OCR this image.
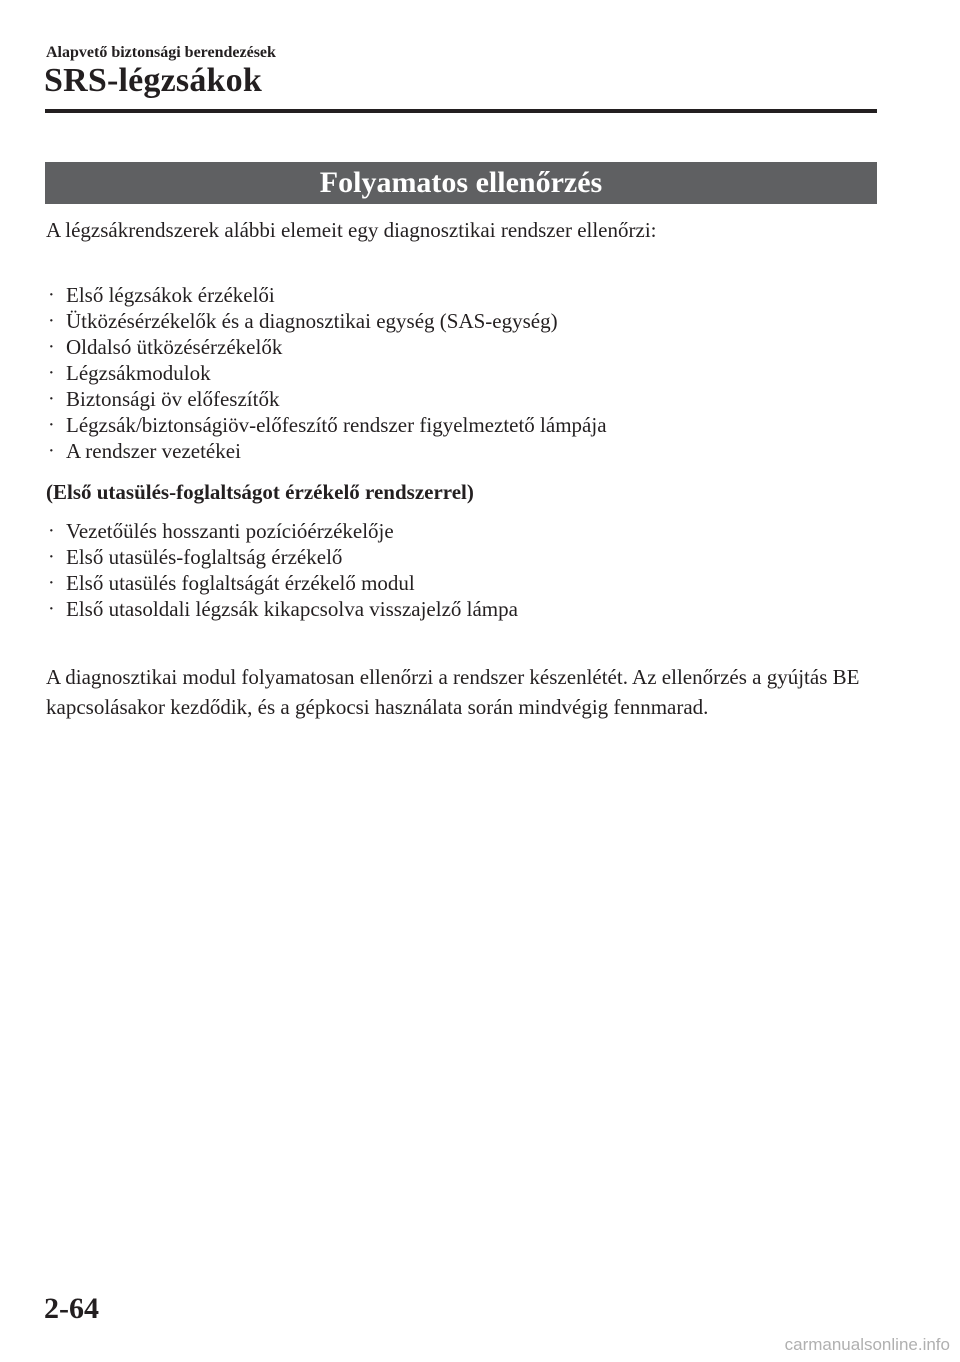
Alapvető biztonsági berendezések
SRS-légzsákok
Folyamatos ellenőrzés
A légzsákrendszerek alábbi elemeit egy diagnosztikai rendszer ellenőrzi:
· Első légzsákok érzékelői
· Ütközésérzékelők és a diagnosztikai egység (SAS-egység)
· Oldalsó ütközésérzékelők
· Légzsákmodulok
· Biztonsági öv előfeszítők
· Légzsák/biztonságiöv-előfeszítő rendszer figyelmeztető lámpája
· A rendszer vezetékei
(Első utasülés-foglaltságot érzékelő rendszerrel)
· Vezetőülés hosszanti pozícióérzékelője
· Első utasülés-foglaltság érzékelő
· Első utasülés foglaltságát érzékelő modul
· Első utasoldali légzsák kikapcsolva visszajelző lámpa
A diagnosztikai modul folyamatosan ellenőrzi a rendszer készenlétét. Az ellenőrzés a gyújtás BE kapcsolásakor kezdődik, és a gépkocsi használata során mindvégig fennmarad.
2-64
carmanualsonline.info
